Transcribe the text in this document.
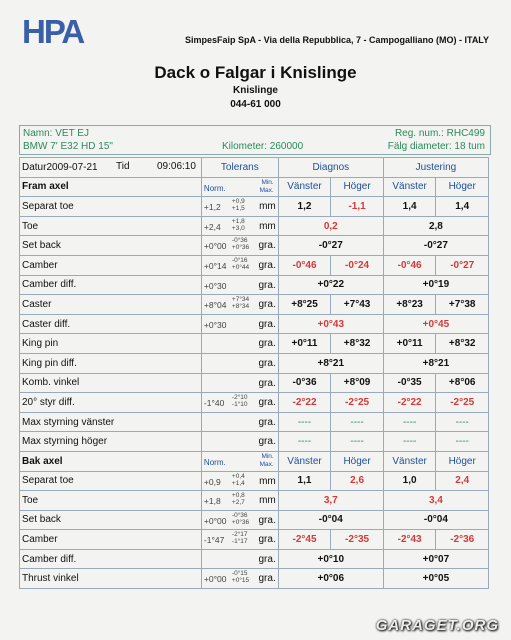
HPA	SimpesFaip SpA - Via della Repubblica, 7 - Campogalliano (MO) - ITALY
Dack o Falgar i Knislinge
Knislinge
044-61 000
Namn: VET EJ
BMW 7' E32 HD 15"
Reg. num.: RHC499
Kilometer: 260000	Fälg diameter: 18 tum
Datur2009-07-21 Tid 09:06:10	Tolerans	Diagnos		Justering	
Fram axel	Norm.
Min.
Max.	Vänster	Höger	Vänster	Höger
Separat toe	+1,2
+0,9
+1,5 mm	1,2	-1,1	1,4	1,4
Toe	+2,4
+1,8
+3,0 mm	0,2		2,8	
Set back	+0°00
-0°36
+0°36 gra.	-0°27		-0°27	
Camber	+0°14
-0°16
+0°44 gra.	-0°46	-0°24	-0°46	-0°27
Camber diff.	+0°30 gra.	+0°22		+0°19	
Caster	+8°04
+7°34
+8°34 gra.	+8°25	+7°43	+8°23	+7°38
Caster diff.	+0°30 gra.	+0°43		+0°45	
King pin	gra.	+0°11	+8°32	+0°11	+8°32
King pin diff.	gra.	+8°21		+8°21	
Komb. vinkel	gra.	-0°36	+8°09	-0°35	+8°06
20° styr diff.	-1°40
-2°10
-1°10 gra.	-2°22	-2°25	-2°22	-2°25
Max styrning vänster	gra.	----	----	----	----
Max styrning höger	gra.	----	----	----	----
Bak axel	Norm.
Min.
Max.	Vänster	Höger	Vänster	Höger
Separat toe	+0,9
+0,4
+1,4 mm	1,1	2,6	1,0	2,4
Toe	+1,8
+0,8
+2,7 mm	3,7		3,4	
Set back	+0°00
-0°36
+0°36 gra.	-0°04		-0°04	
Camber	-1°47
-2°17
-1°17 gra.	-2°45	-2°35	-2°43	-2°36
Camber diff.	gra.	+0°10		+0°07	
Thrust vinkel	+0°00
-0°15
+0°15 gra.	+0°06		+0°05	
GARAGET.ORG
